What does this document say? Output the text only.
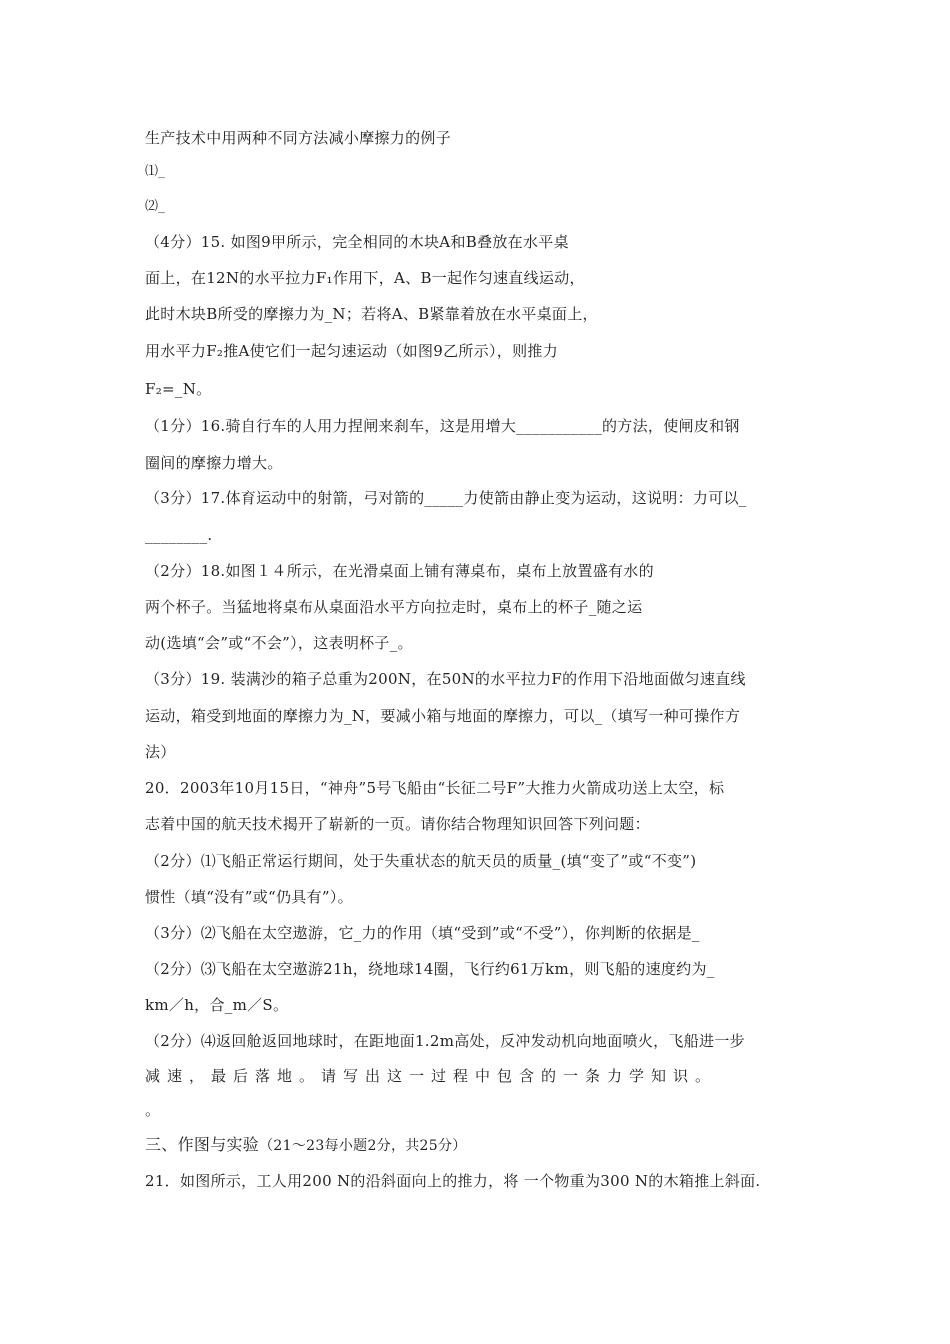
生产技术中用两种不同方法减小摩擦力的例子
⑴_
⑵_
（4分）15. 如图9甲所示，完全相同的木块A和B叠放在水平桌
面上，在12N的水平拉力F₁作用下，A、B一起作匀速直线运动，
此时木块B所受的摩擦力为_N；若将A、B紧靠着放在水平桌面上，
用水平力F₂推A使它们一起匀速运动（如图9乙所示），则推力
F₂=_N。
（1分）16.骑自行车的人用力捏闸来刹车，这是用增大___________的方法，使闸皮和钢
圈间的摩擦力增大。
（3分）17.体育运动中的射箭，弓对箭的_____力使箭由静止变为运动，这说明：力可以_
________.
（2分）18.如图１４所示，在光滑桌面上铺有薄桌布，桌布上放置盛有水的
两个杯子。当猛地将桌布从桌面沿水平方向拉走时，桌布上的杯子_随之运
动(选填“会”或“不会”），这表明杯子_。
（3分）19. 装满沙的箱子总重为200N，在50N的水平拉力F的作用下沿地面做匀速直线
运动，箱受到地面的摩擦力为_N，要减小箱与地面的摩擦力，可以_（填写一种可操作方
法）
20．2003年10月15日，“神舟”5号飞船由“长征二号F”大推力火箭成功送上太空，标
志着中国的航天技术揭开了崭新的一页。请你结合物理知识回答下列问题：
（2分）⑴飞船正常运行期间，处于失重状态的航天员的质量_(填“变了”或“不变”)
惯性（填“没有”或“仍具有”）。
（3分）⑵飞船在太空遨游，它_力的作用（填“受到”或“不受”），你判断的依据是_
（2分）⑶飞船在太空遨游21h，绕地球14圈，飞行约61万km，则飞船的速度约为_
km／h，合_m／S。
（2分）⑷返回舱返回地球时，在距地面1.2m高处，反冲发动机向地面喷火，飞船进一步
减速，最后落地。请写出这一过程中包含的一条力学知识。
。
三、作图与实验（21～23每小题2分，共25分）
21．如图所示，工人用200 N的沿斜面向上的推力，将 一个物重为300 N的木箱推上斜面.
